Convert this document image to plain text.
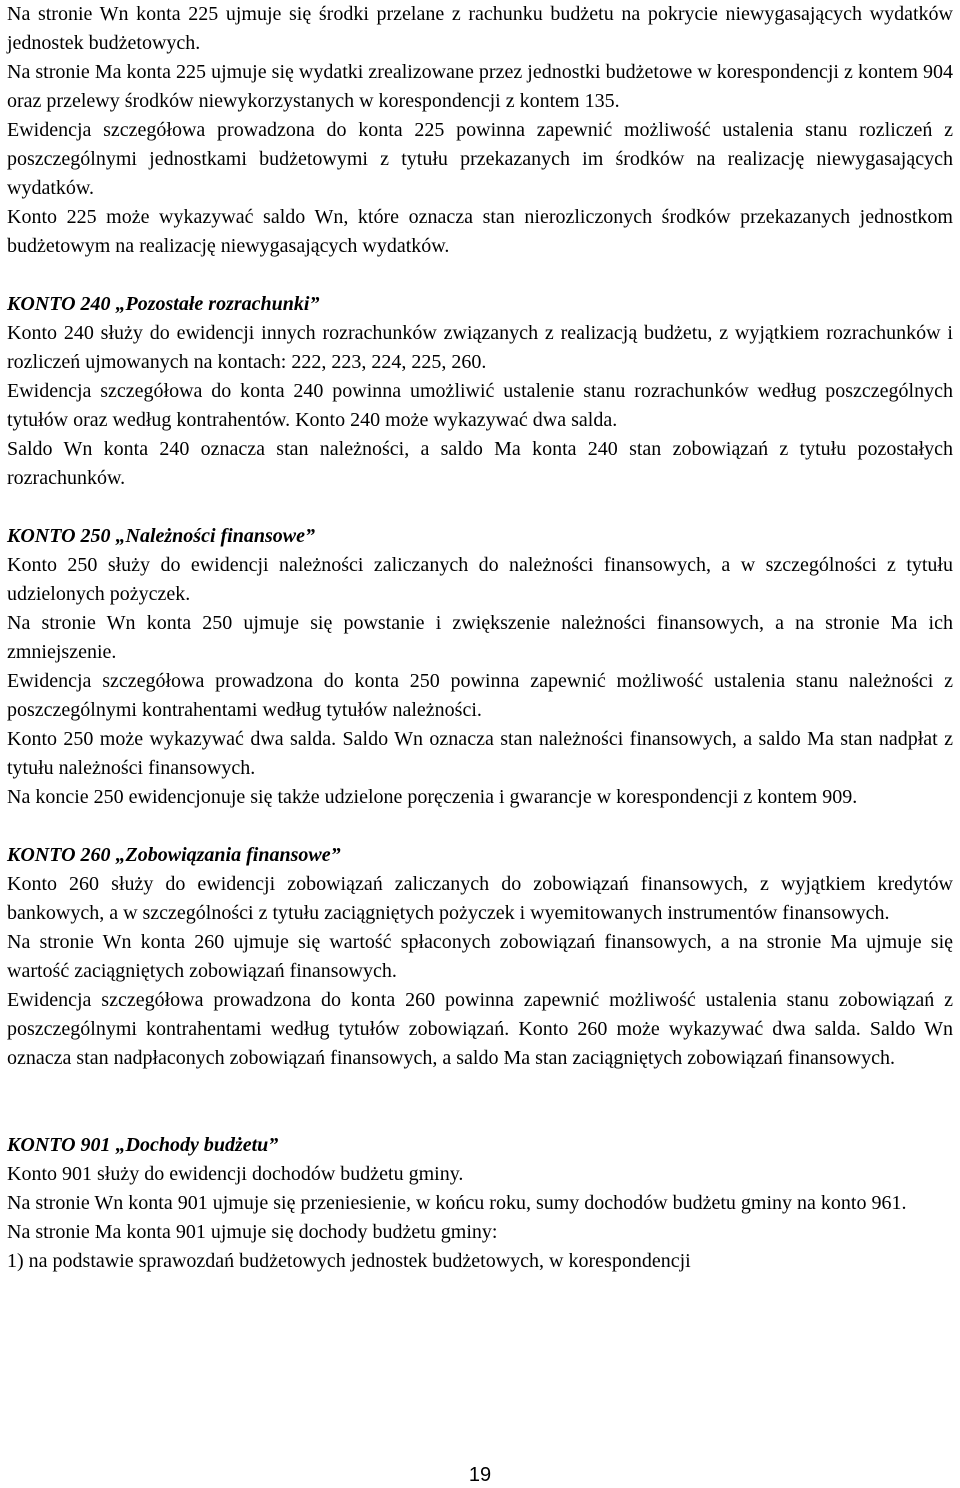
Na stronie Wn konta 225 ujmuje się środki przelane z rachunku budżetu na pokrycie niewygasających wydatków jednostek budżetowych.

Na stronie Ma konta 225 ujmuje się wydatki zrealizowane przez jednostki budżetowe w korespondencji z kontem 904 oraz przelewy środków niewykorzystanych w korespondencji z kontem 135.

Ewidencja szczegółowa prowadzona do konta 225 powinna zapewnić możliwość ustalenia stanu rozliczeń z poszczególnymi jednostkami budżetowymi z tytułu przekazanych im środków na realizację niewygasających wydatków.

Konto 225 może wykazywać saldo Wn, które oznacza stan nierozliczonych środków przekazanych jednostkom budżetowym na realizację niewygasających wydatków.

KONTO 240 „Pozostałe rozrachunki”

Konto 240 służy do ewidencji innych rozrachunków związanych z realizacją budżetu, z wyjątkiem rozrachunków i rozliczeń ujmowanych na kontach: 222, 223, 224, 225, 260.

Ewidencja szczegółowa do konta 240 powinna umożliwić ustalenie stanu rozrachunków według poszczególnych tytułów oraz według kontrahentów. Konto 240 może wykazywać dwa salda.

Saldo Wn konta 240 oznacza stan należności, a saldo Ma konta 240 stan zobowiązań z tytułu pozostałych rozrachunków.

KONTO 250 „Należności finansowe”

Konto 250 służy do ewidencji należności zaliczanych do należności finansowych, a w szczególności z tytułu udzielonych pożyczek.

Na stronie Wn konta 250 ujmuje się powstanie i zwiększenie należności finansowych, a na stronie Ma ich zmniejszenie.

Ewidencja szczegółowa prowadzona do konta 250 powinna zapewnić możliwość ustalenia stanu należności z poszczególnymi kontrahentami według tytułów należności.

Konto 250 może wykazywać dwa salda. Saldo Wn oznacza stan należności finansowych, a saldo Ma stan nadpłat z tytułu należności finansowych.

Na koncie 250 ewidencjonuje się także udzielone poręczenia i gwarancje w korespondencji z kontem 909.

KONTO 260 „Zobowiązania finansowe”

Konto 260 służy do ewidencji zobowiązań zaliczanych do zobowiązań finansowych, z wyjątkiem kredytów bankowych, a w szczególności z tytułu zaciągniętych pożyczek i wyemitowanych instrumentów finansowych.

Na stronie Wn konta 260 ujmuje się wartość spłaconych zobowiązań finansowych, a na stronie Ma ujmuje się wartość zaciągniętych zobowiązań finansowych.

Ewidencja szczegółowa prowadzona do konta 260 powinna zapewnić możliwość ustalenia stanu zobowiązań z poszczególnymi kontrahentami według tytułów zobowiązań. Konto 260 może wykazywać dwa salda. Saldo Wn oznacza stan nadpłaconych zobowiązań finansowych, a saldo Ma stan zaciągniętych zobowiązań finansowych.

KONTO 901 „Dochody budżetu”

Konto 901 służy do ewidencji dochodów budżetu gminy.

Na stronie Wn konta 901 ujmuje się przeniesienie, w końcu roku, sumy dochodów budżetu gminy na konto 961.

Na stronie Ma konta 901 ujmuje się dochody budżetu gminy:

1) na podstawie sprawozdań budżetowych jednostek budżetowych, w korespondencji

19
